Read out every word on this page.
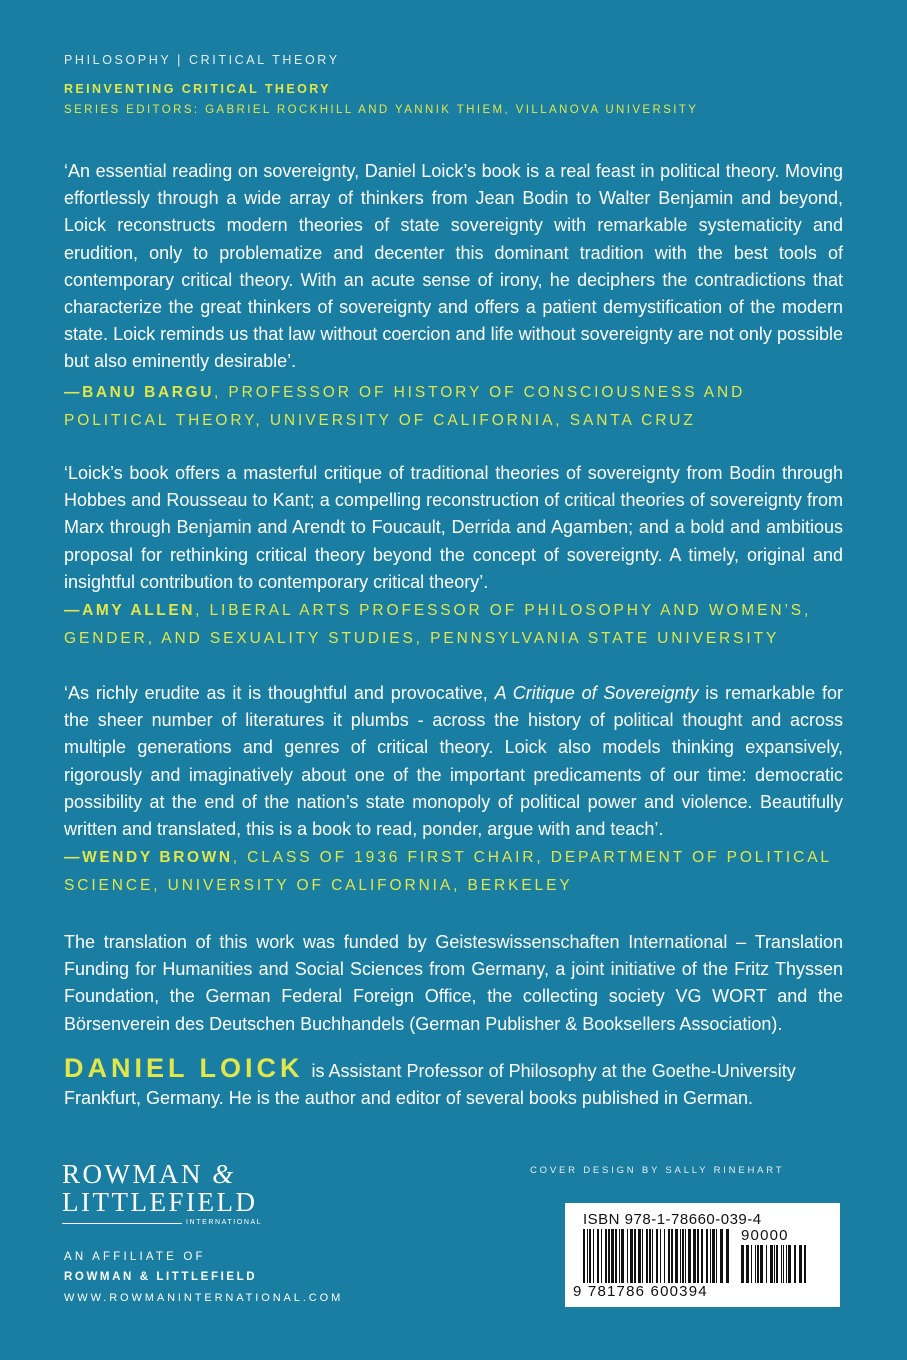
PHILOSOPHY | CRITICAL THEORY
REINVENTING CRITICAL THEORY
SERIES EDITORS: GABRIEL ROCKHILL AND YANNIK THIEM, VILLANOVA UNIVERSITY
‘An essential reading on sovereignty, Daniel Loick’s book is a real feast in political theory. Moving effortlessly through a wide array of thinkers from Jean Bodin to Walter Benjamin and beyond, Loick reconstructs modern theories of state sovereignty with remarkable systematicity and erudition, only to problematize and decenter this dominant tradition with the best tools of contemporary critical theory. With an acute sense of irony, he deciphers the contradictions that characterize the great thinkers of sovereignty and offers a patient demystification of the modern state. Loick reminds us that law without coercion and life without sovereignty are not only possible but also eminently desirable’.
—BANU BARGU, PROFESSOR OF HISTORY OF CONSCIOUSNESS AND POLITICAL THEORY, UNIVERSITY OF CALIFORNIA, SANTA CRUZ
‘Loick’s book offers a masterful critique of traditional theories of sovereignty from Bodin through Hobbes and Rousseau to Kant; a compelling reconstruction of critical theories of sovereignty from Marx through Benjamin and Arendt to Foucault, Derrida and Agamben; and a bold and ambitious proposal for rethinking critical theory beyond the concept of sovereignty. A timely, original and insightful contribution to contemporary critical theory’.
—AMY ALLEN, LIBERAL ARTS PROFESSOR OF PHILOSOPHY AND WOMEN’S, GENDER, AND SEXUALITY STUDIES, PENNSYLVANIA STATE UNIVERSITY
‘As richly erudite as it is thoughtful and provocative, A Critique of Sovereignty is remarkable for the sheer number of literatures it plumbs - across the history of political thought and across multiple generations and genres of critical theory. Loick also models thinking expansively, rigorously and imaginatively about one of the important predicaments of our time: democratic possibility at the end of the nation’s state monopoly of political power and violence. Beautifully written and translated, this is a book to read, ponder, argue with and teach’.
—WENDY BROWN, CLASS OF 1936 FIRST CHAIR, DEPARTMENT OF POLITICAL SCIENCE, UNIVERSITY OF CALIFORNIA, BERKELEY
The translation of this work was funded by Geisteswissenschaften International – Translation Funding for Humanities and Social Sciences from Germany, a joint initiative of the Fritz Thyssen Foundation, the German Federal Foreign Office, the collecting society VG WORT and the Börsenverein des Deutschen Buchhandels (German Publisher & Booksellers Association).
DANIEL LOICK is Assistant Professor of Philosophy at the Goethe-University Frankfurt, Germany. He is the author and editor of several books published in German.
ROWMAN &
LITTLEFIELD
INTERNATIONAL
AN AFFILIATE OF
ROWMAN & LITTLEFIELD
WWW.ROWMANINTERNATIONAL.COM
COVER DESIGN BY SALLY RINEHART
ISBN 978-1-78660-039-4
90000
9 781786 600394
